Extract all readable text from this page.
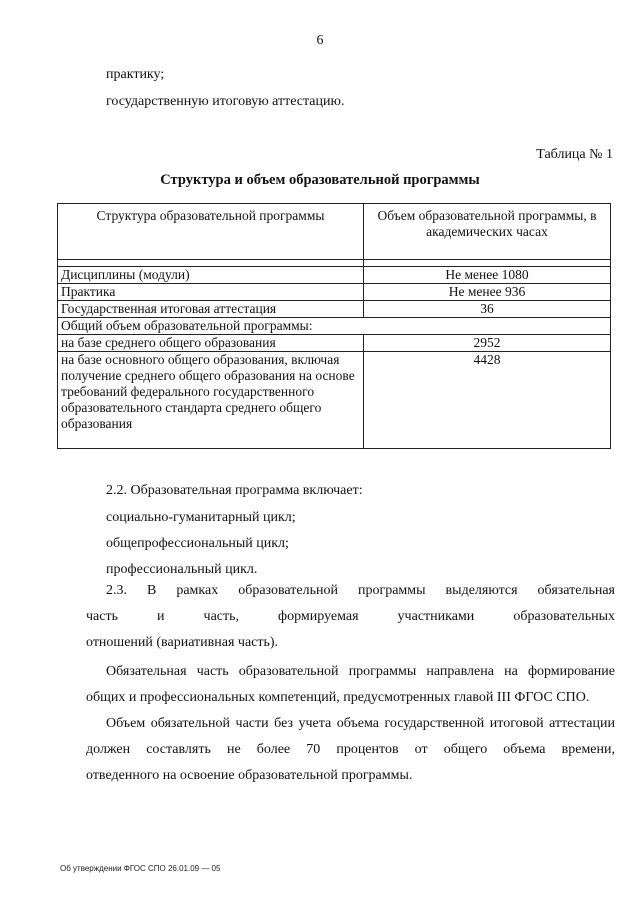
6
практику;
государственную итоговую аттестацию.
Таблица № 1
Структура и объем образовательной программы
Структура образовательной программы	Объем образовательной программы, в академических часах

Дисциплины (модули)	Не менее 1080
Практика	Не менее 936
Государственная итоговая аттестация	36
Общий объем образовательной программы:	
на базе среднего общего образования	2952
на базе основного общего образования, включая получение среднего общего образования на основе требований федерального государственного образовательного стандарта среднего общего образования	4428
2.2. Образовательная программа включает:
социально-гуманитарный цикл;
общепрофессиональный цикл;
профессиональный цикл.
2.3. В рамках образовательной программы выделяются обязательная
часть и часть, формируемая участниками образовательных
отношений (вариативная часть).
Обязательная часть образовательной программы направлена на формирование
общих и профессиональных компетенций, предусмотренных главой III ФГОС СПО.
Объем обязательной части без учета объема государственной итоговой аттестации
должен составлять не более 70 процентов от общего объема времени,
отведенного на освоение образовательной программы.
Об утверждении ФГОС СПО 26.01.09 — 05
